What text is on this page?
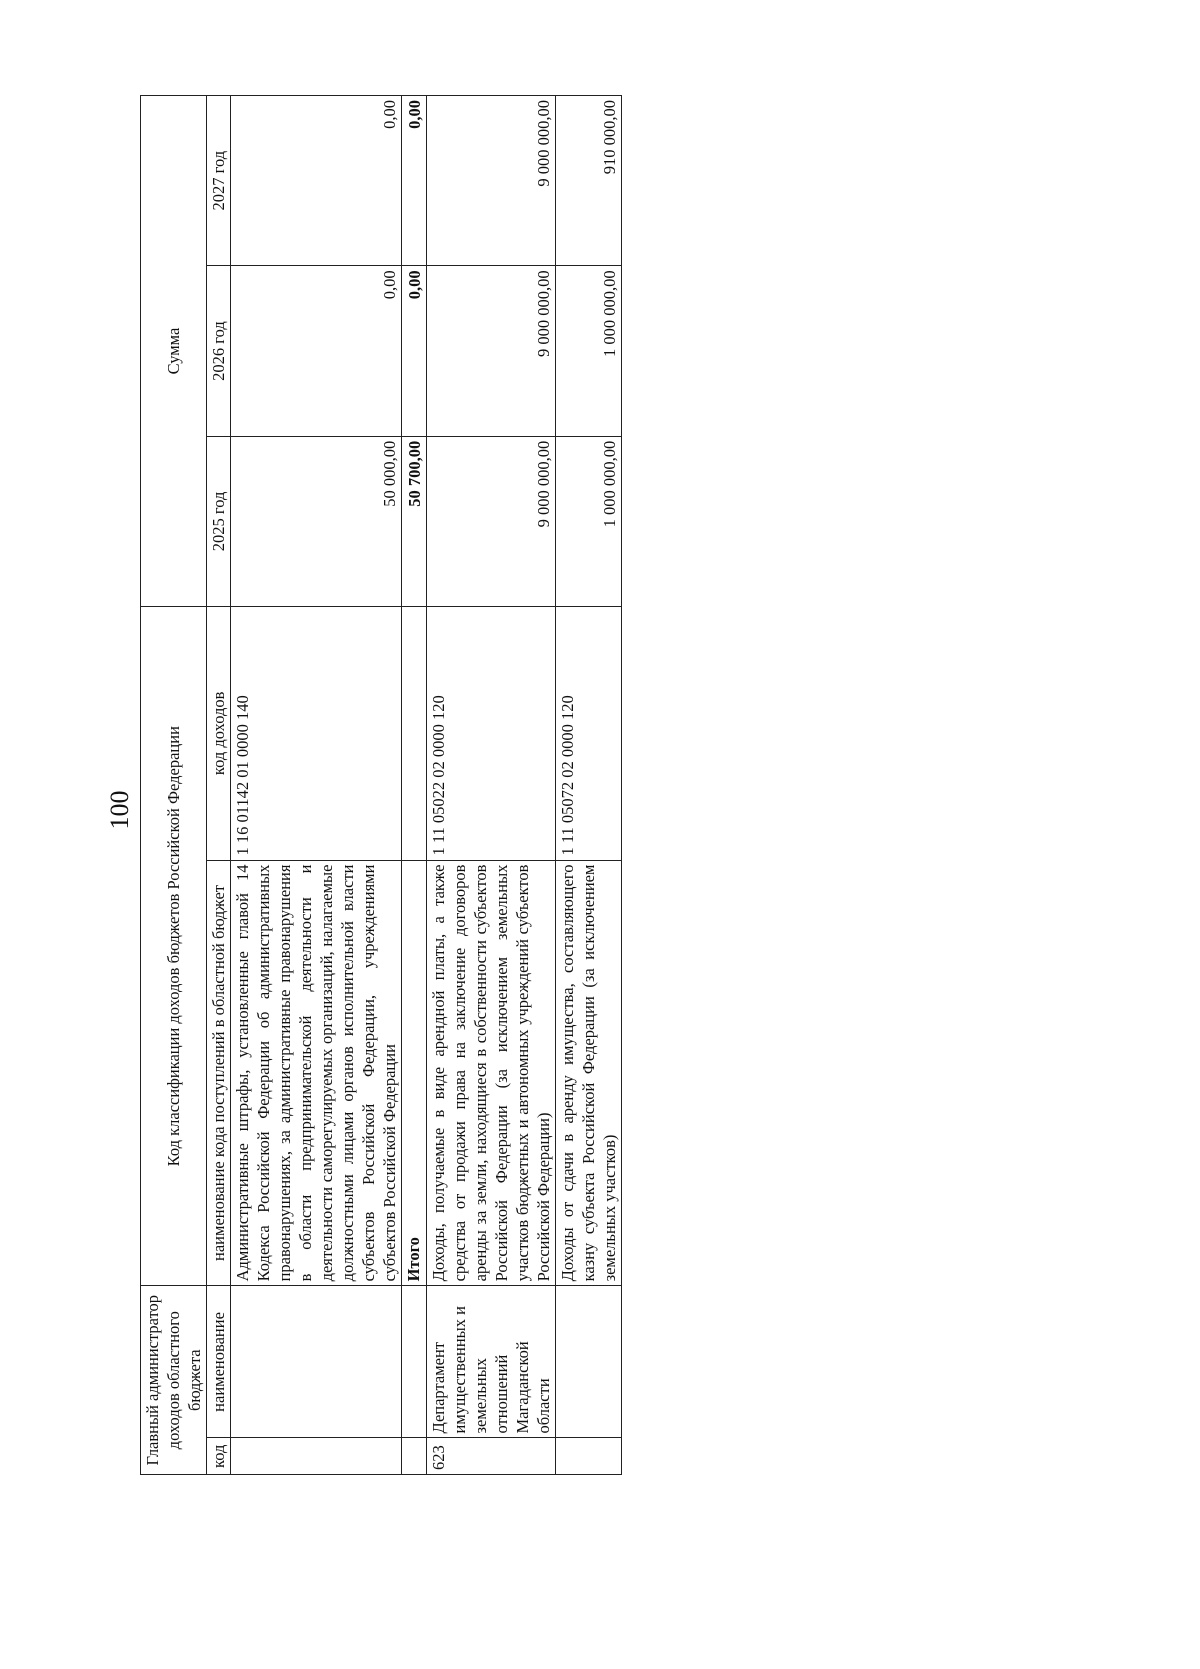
100
Главный администратор доходов областного бюджета		Код классификации доходов бюджетов Российской Федерации		Сумма		
код	наименование	наименование кода поступлений в областной бюджет	код доходов	2025 год	2026 год	2027 год
		Административные штрафы, установленные главой 14 Кодекса Российской Федерации об административных правонарушениях, за административные правонарушения в области предпринимательской деятельности и деятельности саморегулируемых организаций, налагаемые должностными лицами органов исполнительной власти субъектов Российской Федерации, учреждениями субъектов Российской Федерации	1 16 01142 01 0000 140	50 000,00	0,00	0,00
		Итого		50 700,00	0,00	0,00
623	Департамент имущественных и земельных отношений Магаданской области	Доходы, получаемые в виде арендной платы, а также средства от продажи права на заключение договоров аренды за земли, находящиеся в собственности субъектов Российской Федерации (за исключением земельных участков бюджетных и автономных учреждений субъектов Российской Федерации)	1 11 05022 02 0000 120	9 000 000,00	9 000 000,00	9 000 000,00
		Доходы от сдачи в аренду имущества, составляющего казну субъекта Российской Федерации (за исключением земельных участков)	1 11 05072 02 0000 120	1 000 000,00	1 000 000,00	910 000,00
